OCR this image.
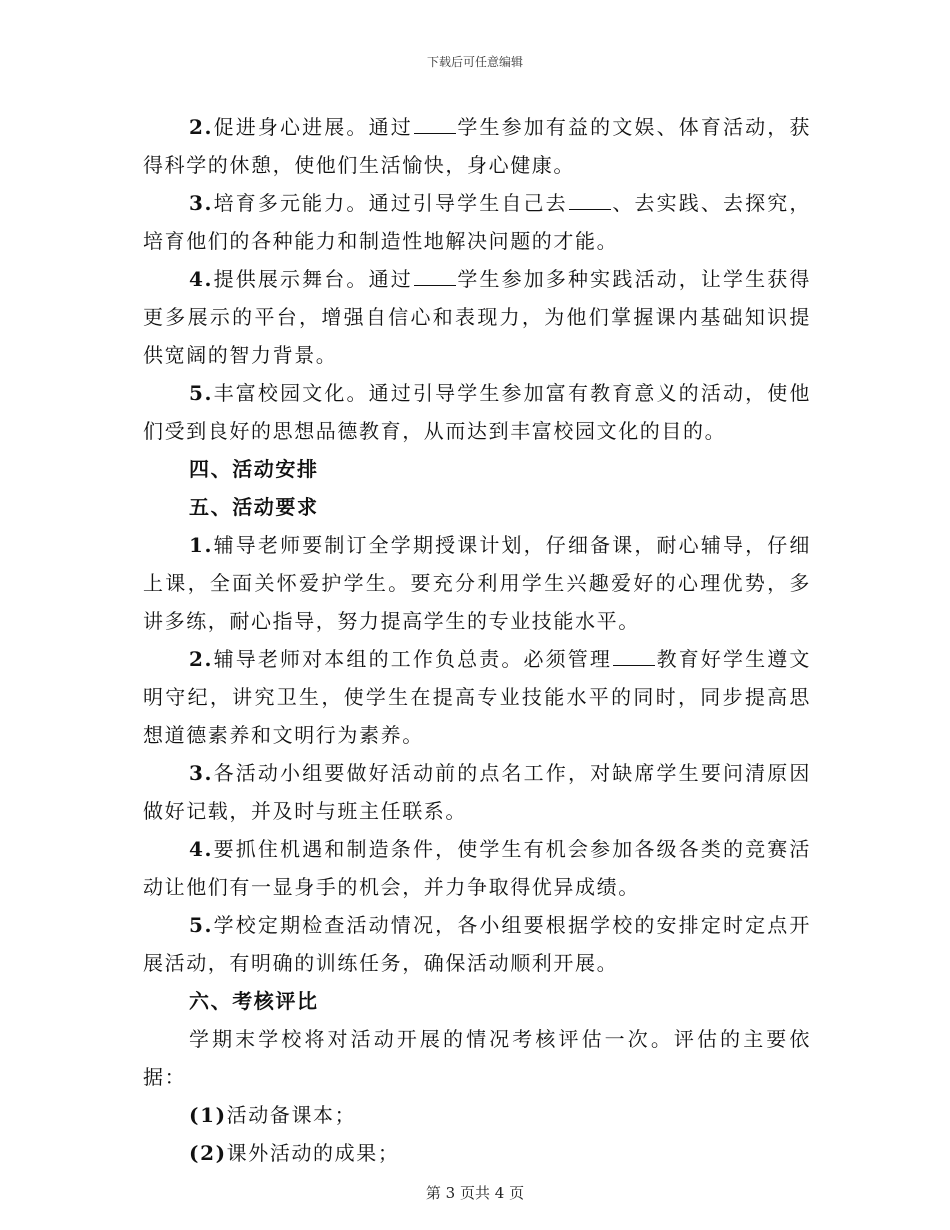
下载后可任意编辑

2.促进身心进展。通过 学生参加有益的文娱、体育活动，获得科学的休憩，使他们生活愉快，身心健康。

3.培育多元能力。通过引导学生自己去 、去实践、去探究，培育他们的各种能力和制造性地解决问题的才能。

4.提供展示舞台。通过 学生参加多种实践活动，让学生获得更多展示的平台，增强自信心和表现力，为他们掌握课内基础知识提供宽阔的智力背景。

5.丰富校园文化。通过引导学生参加富有教育意义的活动，使他们受到良好的思想品德教育，从而达到丰富校园文化的目的。

四、活动安排

五、活动要求

1.辅导老师要制订全学期授课计划，仔细备课，耐心辅导，仔细上课，全面关怀爱护学生。要充分利用学生兴趣爱好的心理优势，多讲多练，耐心指导，努力提高学生的专业技能水平。

2.辅导老师对本组的工作负总责。必须管理 教育好学生遵文明守纪，讲究卫生，使学生在提高专业技能水平的同时，同步提高思想道德素养和文明行为素养。

3.各活动小组要做好活动前的点名工作，对缺席学生要问清原因做好记载，并及时与班主任联系。

4.要抓住机遇和制造条件，使学生有机会参加各级各类的竞赛活动让他们有一显身手的机会，并力争取得优异成绩。

5.学校定期检查活动情况，各小组要根据学校的安排定时定点开展活动，有明确的训练任务，确保活动顺利开展。

六、考核评比

学期末学校将对活动开展的情况考核评估一次。评估的主要依据：

(1)活动备课本；

(2)课外活动的成果；

第 3 页共 4 页
